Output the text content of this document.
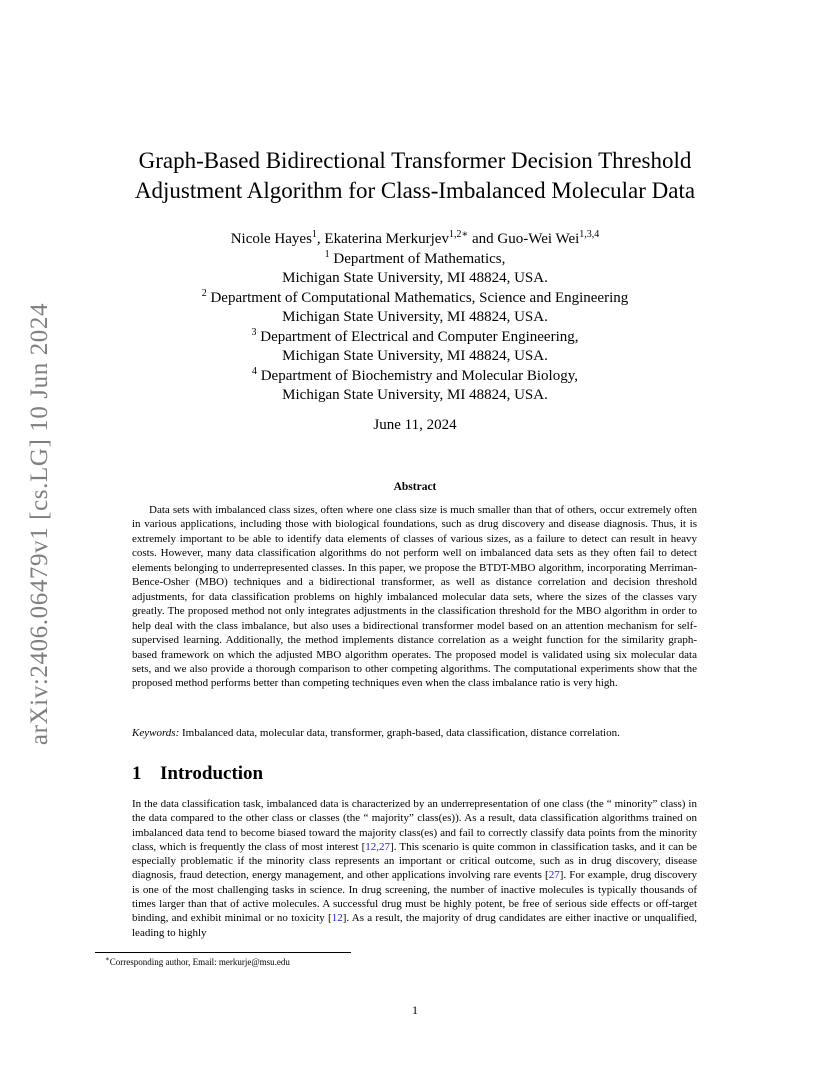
arXiv:2406.06479v1 [cs.LG] 10 Jun 2024
Graph-Based Bidirectional Transformer Decision Threshold
Adjustment Algorithm for Class-Imbalanced Molecular Data
Nicole Hayes$^1$, Ekaterina Merkurjev$^{1,2∗}$ and Guo-Wei Wei$^{1,3,4}$
$^1$ Department of Mathematics,
Michigan State University, MI 48824, USA.
$^2$ Department of Computational Mathematics, Science and Engineering
Michigan State University, MI 48824, USA.
$^3$ Department of Electrical and Computer Engineering,
Michigan State University, MI 48824, USA.
$^4$ Department of Biochemistry and Molecular Biology,
Michigan State University, MI 48824, USA.
June 11, 2024
Abstract
Data sets with imbalanced class sizes, often where one class size is much smaller than that of others, occur extremely often in various applications, including those with biological foundations, such as drug discovery and disease diagnosis. Thus, it is extremely important to be able to identify data elements of classes of various sizes, as a failure to detect can result in heavy costs. However, many data classification algorithms do not perform well on imbalanced data sets as they often fail to detect elements belonging to underrepresented classes. In this paper, we propose the BTDT-MBO algorithm, incorporating Merriman-Bence-Osher (MBO) techniques and a bidirectional transformer, as well as distance correlation and decision threshold adjustments, for data classification problems on highly imbalanced molecular data sets, where the sizes of the classes vary greatly. The proposed method not only integrates adjustments in the classification threshold for the MBO algorithm in order to help deal with the class imbalance, but also uses a bidirectional transformer model based on an attention mechanism for self-supervised learning. Additionally, the method implements distance correlation as a weight function for the similarity graph-based framework on which the adjusted MBO algorithm operates. The proposed model is validated using six molecular data sets, and we also provide a thorough comparison to other competing algorithms. The computational experiments show that the proposed method performs better than competing techniques even when the class imbalance ratio is very high.
Keywords: Imbalanced data, molecular data, transformer, graph-based, data classification, distance correlation.
1 Introduction
In the data classification task, imbalanced data is characterized by an underrepresentation of one class (the “ minority” class) in the data compared to the other class or classes (the “ majority” class(es)). As a result, data classification algorithms trained on imbalanced data tend to become biased toward the majority class(es) and fail to correctly classify data points from the minority class, which is frequently the class of most interest [12,27]. This scenario is quite common in classification tasks, and it can be especially problematic if the minority class represents an important or critical outcome, such as in drug discovery, disease diagnosis, fraud detection, energy management, and other applications involving rare events [27]. For example, drug discovery is one of the most challenging tasks in science. In drug screening, the number of inactive molecules is typically thousands of times larger than that of active molecules. A successful drug must be highly potent, be free of serious side effects or off-target binding, and exhibit minimal or no toxicity [12]. As a result, the majority of drug candidates are either inactive or unqualified, leading to highly
∗Corresponding author, Email: merkurje@msu.edu
1
